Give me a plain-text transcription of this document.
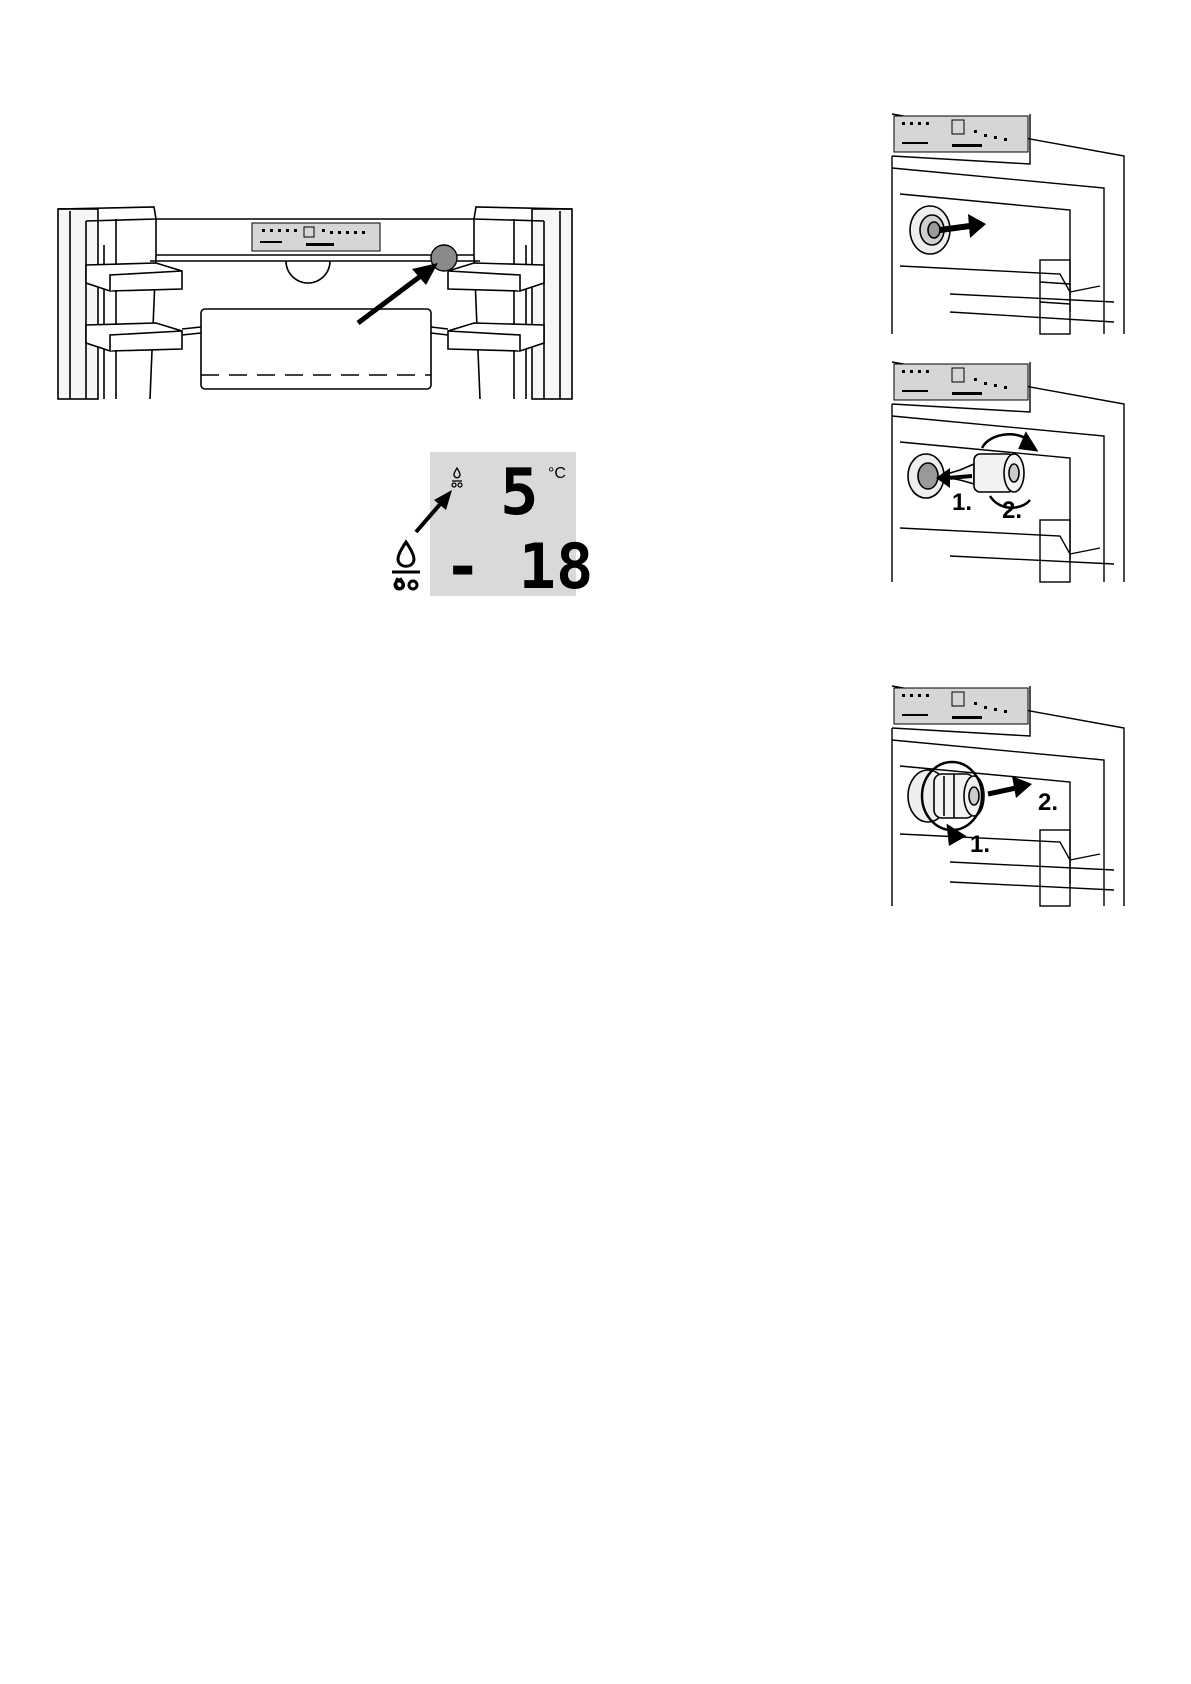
5 °C
- 18
1. 2.
1.
2.
